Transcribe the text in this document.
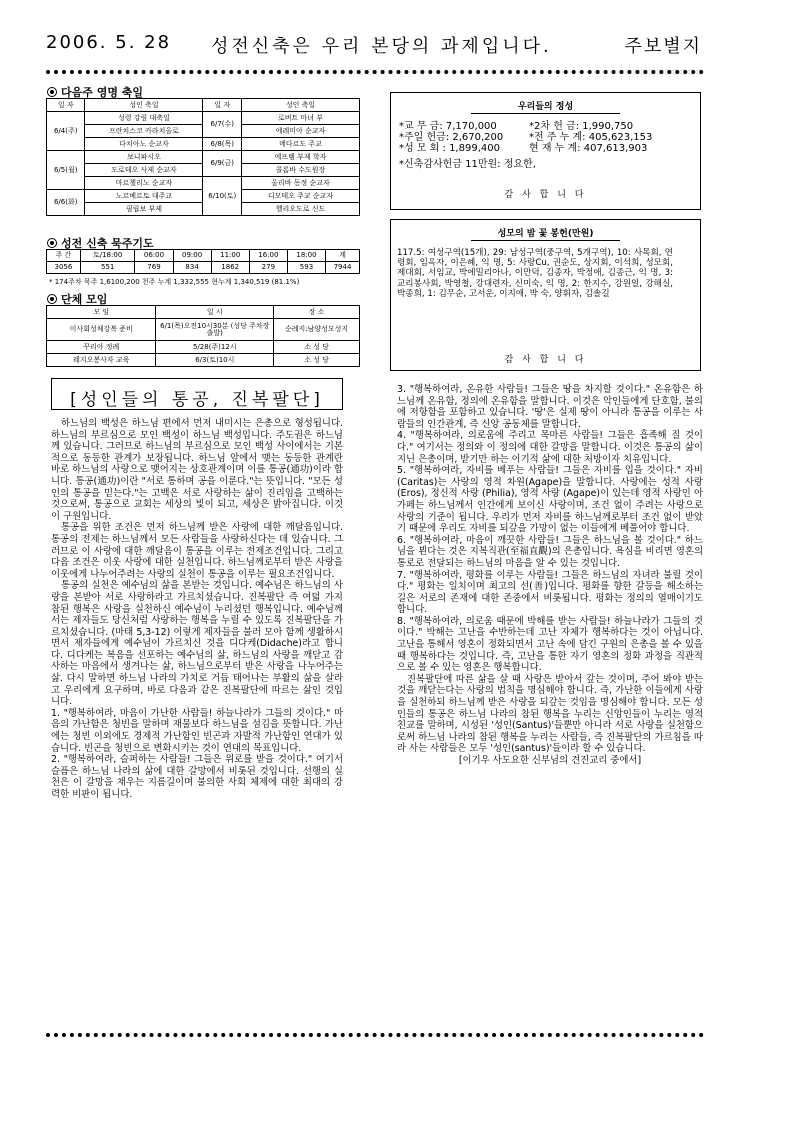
2006. 5. 28 성전신축은 우리 본당의 과제입니다.	주보별지
다음주 영명 축일
일 자	성인 축일	일 자	성인 축일
6/4(주)	성령 강림 대축일	6/7(수)	로버트 마녀 부
	프란치스코 카라치올로		에레미아 순교자
	다치아노 순교자	6/8(목)	메다르도 주교
6/5(월)	보니파시오	6/9(금)	에프렘 부제 학자
	도로테오 사제 순교자		콜롬바 수도원장
	마르첼리노 순교자	6/10(토)	올리바 동정 순교자
6/6(화)	노르베르토 대주교		디모테오 주교 순교자
	필립보 부제		헬리오도로 신도
성전 신축 묵주기도
주 간	토/18:00	06:00	09:00	11:00	16:00	18:00	계
3056	551	769	834	1862	279	593	7944
* 174주차 묵주 1,6100,200 천주 누계 1,332,555 현누계 1,340,519 (81.1%)
단체 모임
모 임	일 시	장 소
이사회성체강복 준비	6/1(목)오전10시30분 (성당 주차장 출발)	순례지:남양성모성지
꾸리아 정례	5/28(주)12시	소 성 당
레지오봉사자 교육	6/3(토)10시	소 성 당
우리들의 정성
*교 무 금: 7,170,000	*2차 헌 금: 1,990,750
*주일 헌금: 2,670,200	*전 주 누 계: 405,623,153
*성 모 회 : 1,899,400	현 재 누 계: 407,613,903
*신축감사헌금 11만원: 정요한,
감 사 합 니 다
성모의 밤 꽃 봉헌(만원)
117.5: 여성구역(15개), 29: 남성구역(중구역, 5개구역), 10: 사목회, 연령회, 임옥자, 이은혜, 익 명, 5: 사랑Cu, 권순도, 상지회, 이석희, 성모회, 제대회, 서임교, 박에밀리아나, 이만덕, 김종자, 박정애, 김종근, 익 명, 3: 교리봉사회, 박영철, 강대련자, 신미숙, 익 명, 2: 한지수, 강원일, 강해실, 박종희, 1: 김무순, 고서운, 이지애, 박 숙, 양휘자, 김솔길
감 사 합 니 다
[성인들의 통공, 진복팔단]

하느님의 백성은 하느님 편에서 먼저 내미시는 은총으로 형성됩니다. 하느님의 부르심으로 모인 백성이 하느님 백성입니다. 주도권은 하느님께 있습니다. 그러므로 하느님의 부르심으로 모인 백성 사이에서는 기본적으로 동등한 관계가 보장됩니다. 하느님 앞에서 맺는 동등한 관계란 바로 하느님의 사랑으로 맺어지는 상호관계이며 이를 통공(通功)이라 합니다. 통공(通功)이란 "서로 통하며 공을 이룬다."는 뜻입니다. "모든 성인의 통공을 믿는다."는 고백은 서로 사랑하는 삶이 진리임을 고백하는 것으로써, 통공으로 교회는 세상의 빛이 되고, 세상은 밝아집니다. 이것이 구원입니다.

통공을 위한 조건은 먼저 하느님께 받은 사랑에 대한 깨달음입니다. 통공의 전제는 하느님께서 모든 사람들을 사랑하신다는 데 있습니다. 그러므로 이 사랑에 대한 깨달음이 통공을 이루는 전제조건입니다. 그리고 다음 조건은 이웃 사랑에 대한 실천입니다. 하느님께로부터 받은 사랑을 이웃에게 나누어주려는 사랑의 실천이 통공을 이루는 필요조건입니다.

통공의 실천은 예수님의 삶을 본받는 것입니다. 예수님은 하느님의 사랑을 본받아 서로 사랑하라고 가르치셨습니다. 진복팔단 즉 여덟 가지 참된 행복은 사랑을 실천하신 예수님이 누리셨던 행복입니다. 예수님께서는 제자들도 당신처럼 사랑하는 행복을 누릴 수 있도록 진복팔단을 가르치셨습니다. (마태 5,3-12) 이렇게 제자들을 불러 모아 함께 생활하시면서 제자들에게 예수님이 가르치신 것을 디다케(Didache)라고 합니다. 디다케는 복음을 선포하는 예수님의 삶, 하느님의 사랑을 깨닫고 감사하는 마음에서 생겨나는 삶, 하느님으로부터 받은 사랑을 나누어주는 삶. 다시 말하면 하느님 나라의 가치로 거듭 태어나는 부활의 삶을 살라고 우리에게 요구하며, 바로 다음과 같은 진복팔단에 따르는 삶인 것입니다.

1. "행복하여라, 마음이 가난한 사람들! 하늘나라가 그들의 것이다." 마음의 가난함은 청빈을 말하며 재물보다 하느님을 섬김을 뜻합니다. 가난에는 청빈 이외에도 경제적 가난함인 빈곤과 자발적 가난함인 연대가 있습니다. 빈곤을 청빈으로 변화시키는 것이 연대의 목표입니다.

2. "행복하여라, 슬퍼하는 사람들! 그들은 위로를 받을 것이다." 여기서 슬픔은 하느님 나라의 삶에 대한 갈망에서 비롯된 것입니다. 선행의 실천은 이 갈망을 채우는 지름길이며 불의한 사회 체제에 대한 최대의 강력한 비판이 됩니다.

3. "행복하여라, 온유한 사람들! 그들은 땅을 차지할 것이다." 온유함은 하느님께 온유함, 정의에 온유함을 말합니다. 이것은 악인들에게 단호함, 불의에 저항함을 포함하고 있습니다. '땅'은 실제 땅이 아니라 통공을 이루는 사람들의 인간관계, 즉 신앙 공동체를 말합니다.

4. "행복하여라, 의로움에 주리고 목마른 사람들! 그들은 흡족해 질 것이다." 여기서는 정의와 이 정의에 대한 갈망을 말합니다. 이것은 통공의 삶이 지닌 은총이며, 받기만 하는 이기적 삶에 대한 처방이자 치유입니다.

5. "행복하여라, 자비를 베푸는 사람들! 그들은 자비를 입을 것이다." 자비(Caritas)는 사랑의 영적 차원(Agape)을 말합니다. 사랑에는 성적 사랑 (Eros), 정신적 사랑 (Philia), 영적 사랑 (Agape)이 있는데 영적 사랑인 아가페는 하느님께서 인간에게 보이신 사랑이며, 조건 없이 주려는 사랑으로 사랑의 기준이 됩니다. 우리가 먼저 자비를 하느님께로부터 조건 없이 받았기 때문에 우리도 자비를 되갚을 가망이 없는 이들에게 베풀어야 합니다.

6. "행복하여라, 마음이 깨끗한 사람들! 그들은 하느님을 볼 것이다." 하느님을 뵌다는 것은 지복직관(至福直觀)의 은총입니다. 욕심을 비리면 영혼의 통로로 전달되는 하느님의 마음을 알 수 있는 것입니다.

7. "행복하여라, 평화를 이루는 사람들! 그들은 하느님의 자녀라 불릴 것이다." 평화는 일치이며 최고의 선(善)입니다. 평화를 향한 갈등을 해소하는 길은 서로의 존재에 대한 존중에서 비롯됩니다. 평화는 정의의 열매이기도 합니다.

8. "행복하여라, 의로움 때문에 박해를 받는 사람들! 하늘나라가 그들의 것이다." 박해는 고난을 수반하는데 고난 자체가 행복하다는 것이 아닙니다. 고난을 통해서 영혼이 정화되면서 고난 속에 담긴 구원의 은총을 볼 수 있을 때 행복하다는 것입니다. 즉, 고난을 통한 자기 영혼의 정화 과정을 직관적으로 볼 수 있는 영혼은 행복합니다.

진복팔단에 따른 삶을 살 때 사랑은 받아서 갚는 것이며, 주어 봐야 받는 것을 깨닫는다는 사랑의 법칙을 명심해야 합니다. 즉, 가난한 이들에게 사랑을 실천하되 하느님께 받은 사랑을 되갚는 것임을 명심해야 합니다. 모든 성인들의 통공은 하느님 나라의 참된 행복을 누리는 신앙인들이 누리는 영적 친교를 말하며, 시성된 '성인(Santus)'들뿐만 아니라 서로 사랑을 실천함으로써 하느님 나라의 참된 행복을 누리는 사람들, 즉 진복팔단의 가르침을 따라 사는 사람들은 모두 '성인(santus)'들이라 할 수 있습니다.

[이기우 사도요한 신부님의 견진교리 중에서]
